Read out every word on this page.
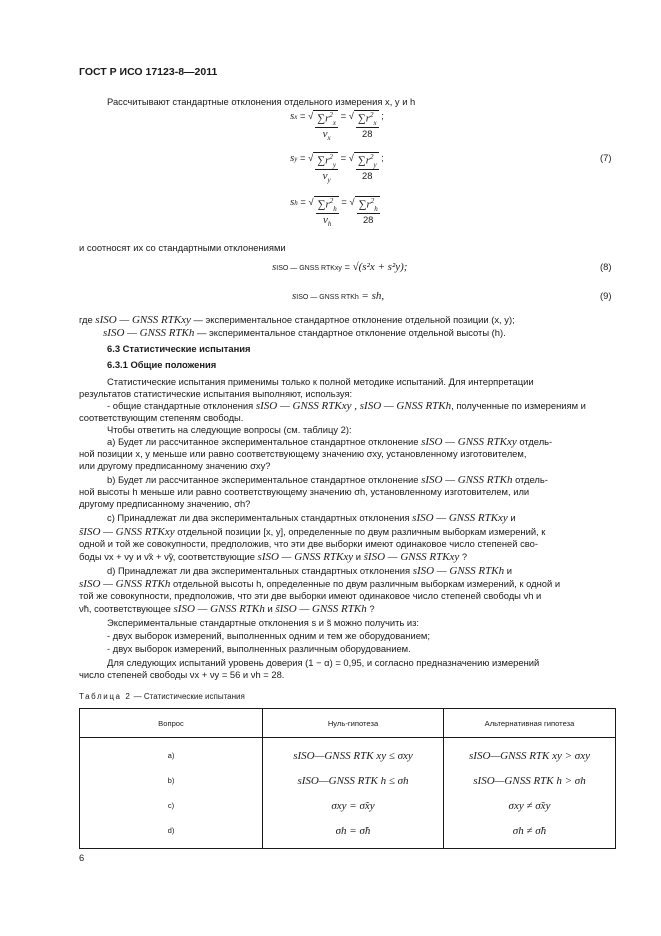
ГОСТ Р ИСО 17123-8—2011
Рассчитывают стандартные отклонения отдельного измерения x, y и h
sx = √ $\frac{\sum r^2_x}{\nu_x}$ = √ $\frac{\sum r^2_x}{28}$ ;
sy = √ $\frac{\sum r^2_y}{\nu_y}$ = √ $\frac{\sum r^2_y}{28}$ ;	(7)
sh = √ $\frac{\sum r^2_h}{\nu_h}$ = √ $\frac{\sum r^2_h}{28}$
и соотносят их со стандартными отклонениями
sISO — GNSS RTKxy = √(s²x + s²y);	(8)
sISO — GNSS RTKh = sh,	(9)
где sISO — GNSS RTKxy — экспериментальное стандартное отклонение отдельной позиции (x, y);
sISO — GNSS RTKh — экспериментальное стандартное отклонение отдельной высоты (h).
6.3 Статистические испытания
6.3.1 Общие положения
Статистические испытания применимы только к полной методике испытаний. Для интерпретации
результатов статистические испытания выполняют, используя:
- общие стандартные отклонения sISO — GNSS RTKxy , sISO — GNSS RTKh, полученные по измерениям и
соответствующим степеням свободы.
Чтобы ответить на следующие вопросы (см. таблицу 2):
a) Будет ли рассчитанное экспериментальное стандартное отклонение sISO — GNSS RTKxy отдель-
ной позиции x, y меньше или равно соответствующему значению σxy, установленному изготовителем,
или другому предписанному значению σxy?
b) Будет ли рассчитанное экспериментальное стандартное отклонение sISO — GNSS RTKh отдель-
ной высоты h меньше или равно соответствующему значению σh, установленному изготовителем, или
другому предписанному значению, σh?
c) Принадлежат ли два экспериментальных стандартных отклонения sISO — GNSS RTKxy и
s̃ISO — GNSS RTKxy отдельной позиции [x, y], определенные по двум различным выборкам измерений, к
одной и той же совокупности, предположив, что эти две выборки имеют одинаковое число степеней сво-
боды νx + νy и ν̃x + ν̃y, соответствующие sISO — GNSS RTKxy и s̃ISO — GNSS RTKxy ?
d) Принадлежат ли два экспериментальных стандартных отклонения sISO — GNSS RTKh и
sISO — GNSS RTKh отдельной высоты h, определенные по двум различным выборкам измерений, к одной и
той же совокупности, предположив, что эти две выборки имеют одинаковое число степеней свободы νh и
ν̃h, соответствующее sISO — GNSS RTKh и s̃ISO — GNSS RTKh ?
Экспериментальные стандартные отклонения s и s̃ можно получить из:
- двух выборок измерений, выполненных одним и тем же оборудованием;
- двух выборок измерений, выполненных различным оборудованием.
Для следующих испытаний уровень доверия (1 − α) = 0,95, и согласно предназначению измерений
число степеней свободы νx + νy = 56 и νh = 28.
Таблица 2 — Статистические испытания
Вопрос	Нуль-гипотеза	Альтернативная гипотеза
a)	sISO—GNSS RTK xy ≤ σxy	sISO—GNSS RTK xy > σxy
b)	sISO—GNSS RTK h ≤ σh	sISO—GNSS RTK h > σh
c)	σxy = σ̃xy	σxy ≠ σ̃xy
d)	σh = σ̃h	σh ≠ σ̃h
6
